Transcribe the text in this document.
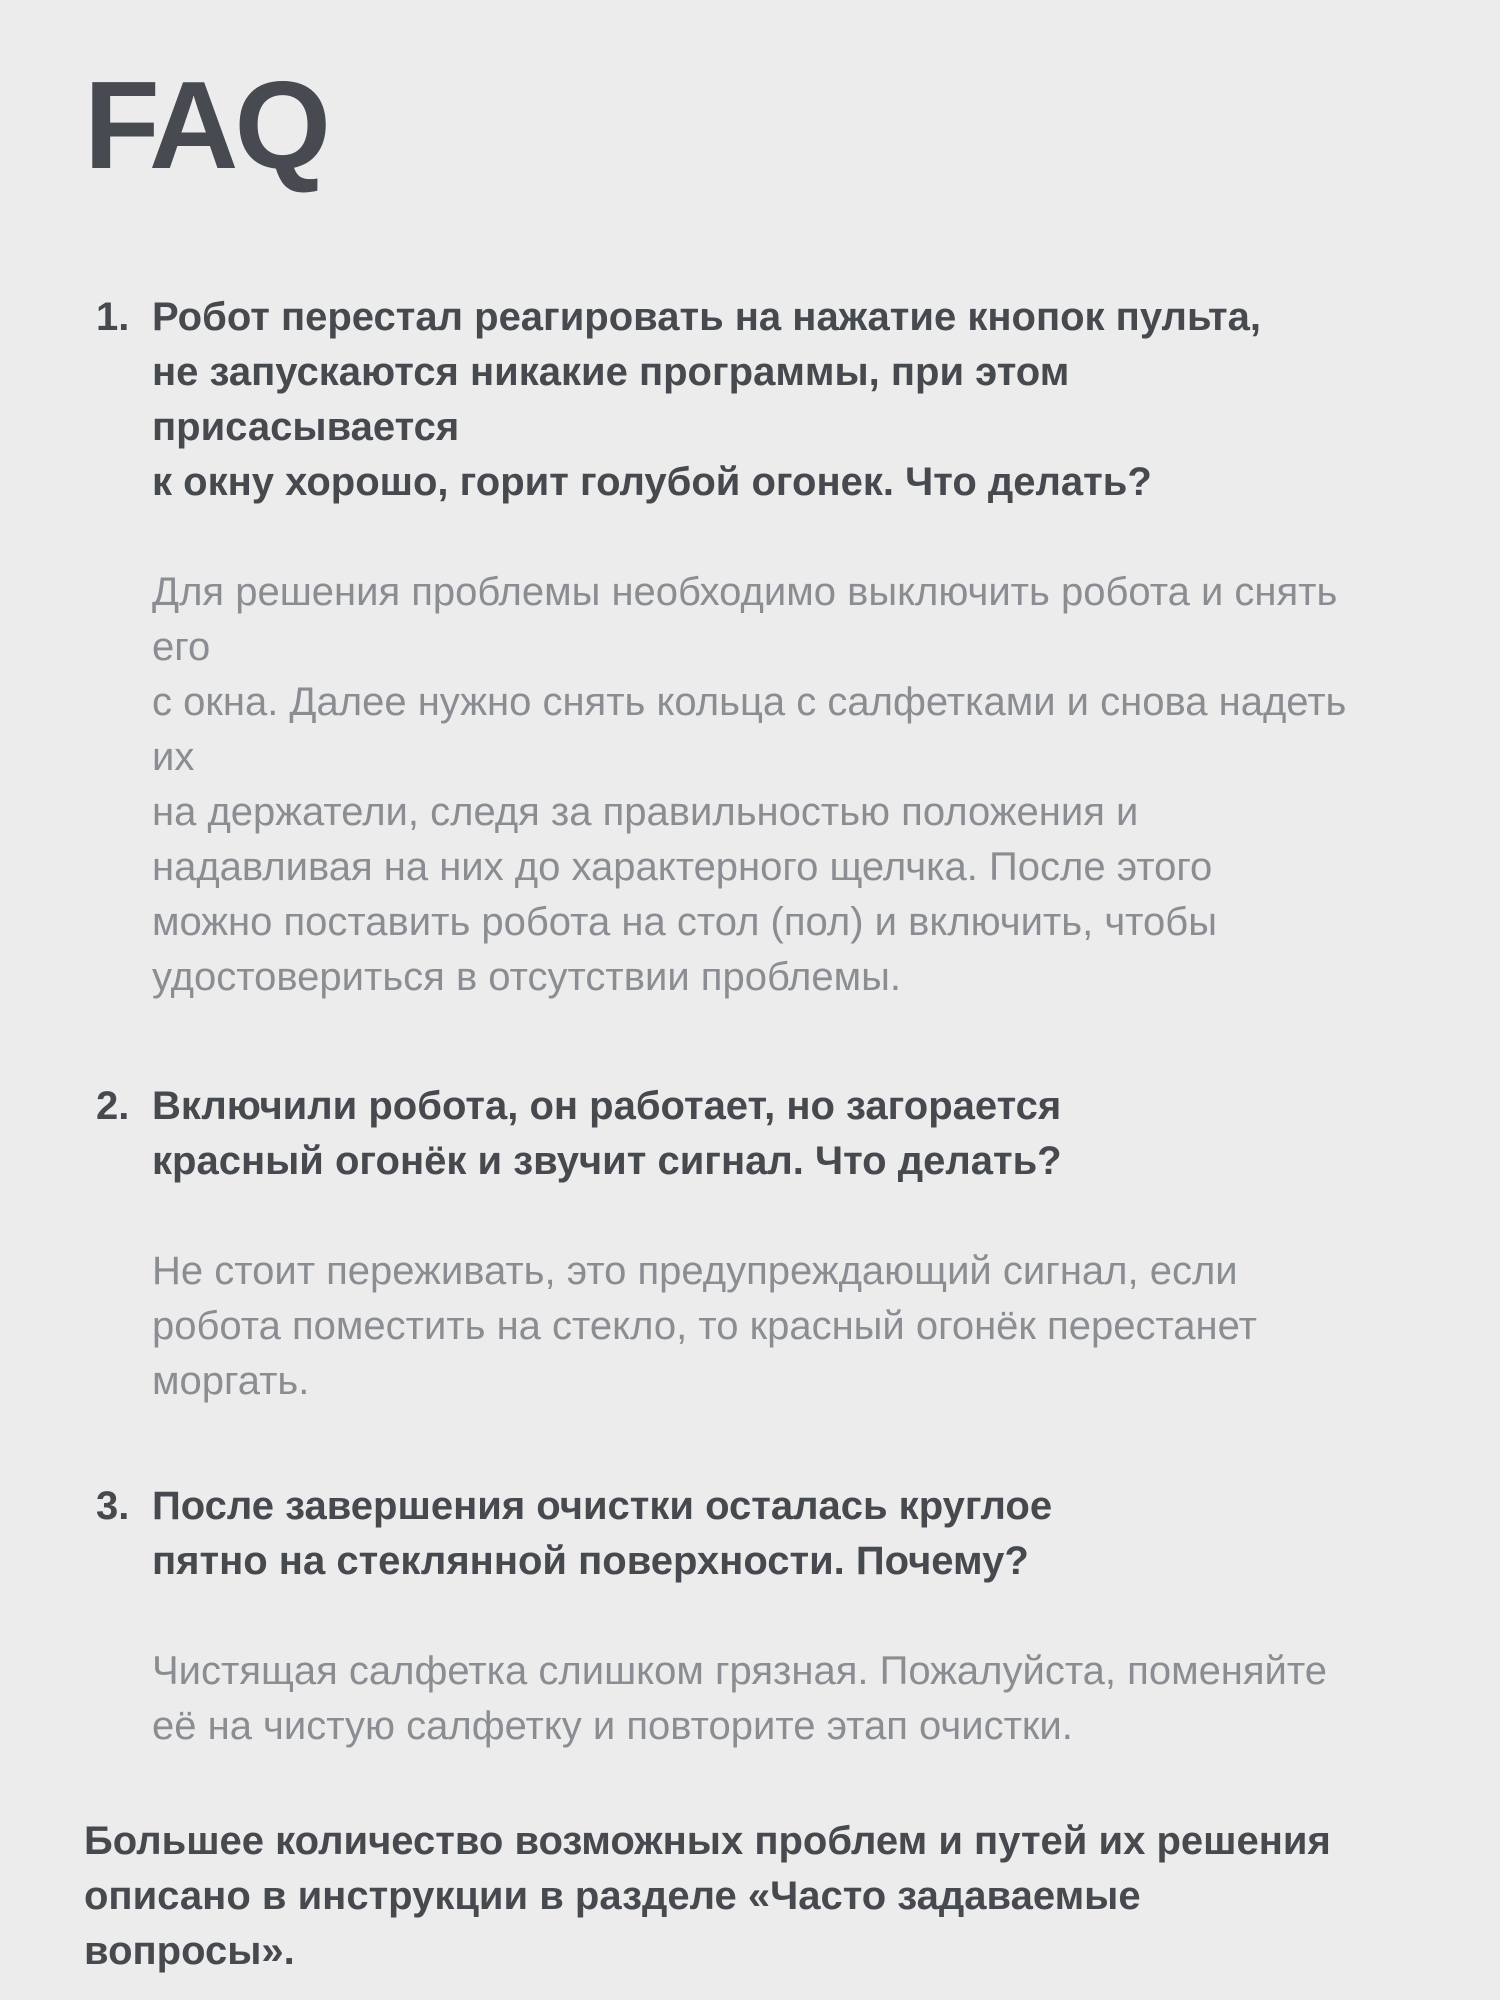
FAQ
1. Робот перестал реагировать на нажатие кнопок пульта,
не запускаются никакие программы, при этом
присасывается
к окну хорошо, горит голубой огонек. Что делать?
Для решения проблемы необходимо выключить робота и снять
его
с окна. Далее нужно снять кольца с салфетками и снова надеть
их
на держатели, следя за правильностью положения и
надавливая на них до характерного щелчка. После этого
можно поставить робота на стол (пол) и включить, чтобы
удостовериться в отсутствии проблемы.
2. Включили робота, он работает, но загорается
красный огонёк и звучит сигнал. Что делать?
Не стоит переживать, это предупреждающий сигнал, если
робота поместить на стекло, то красный огонёк перестанет
моргать.
3. После завершения очистки осталась круглое
пятно на стеклянной поверхности. Почему?
Чистящая салфетка слишком грязная. Пожалуйста, поменяйте
её на чистую салфетку и повторите этап очистки.
Большее количество возможных проблем и путей их решения
описано в инструкции в разделе «Часто задаваемые
вопросы».
